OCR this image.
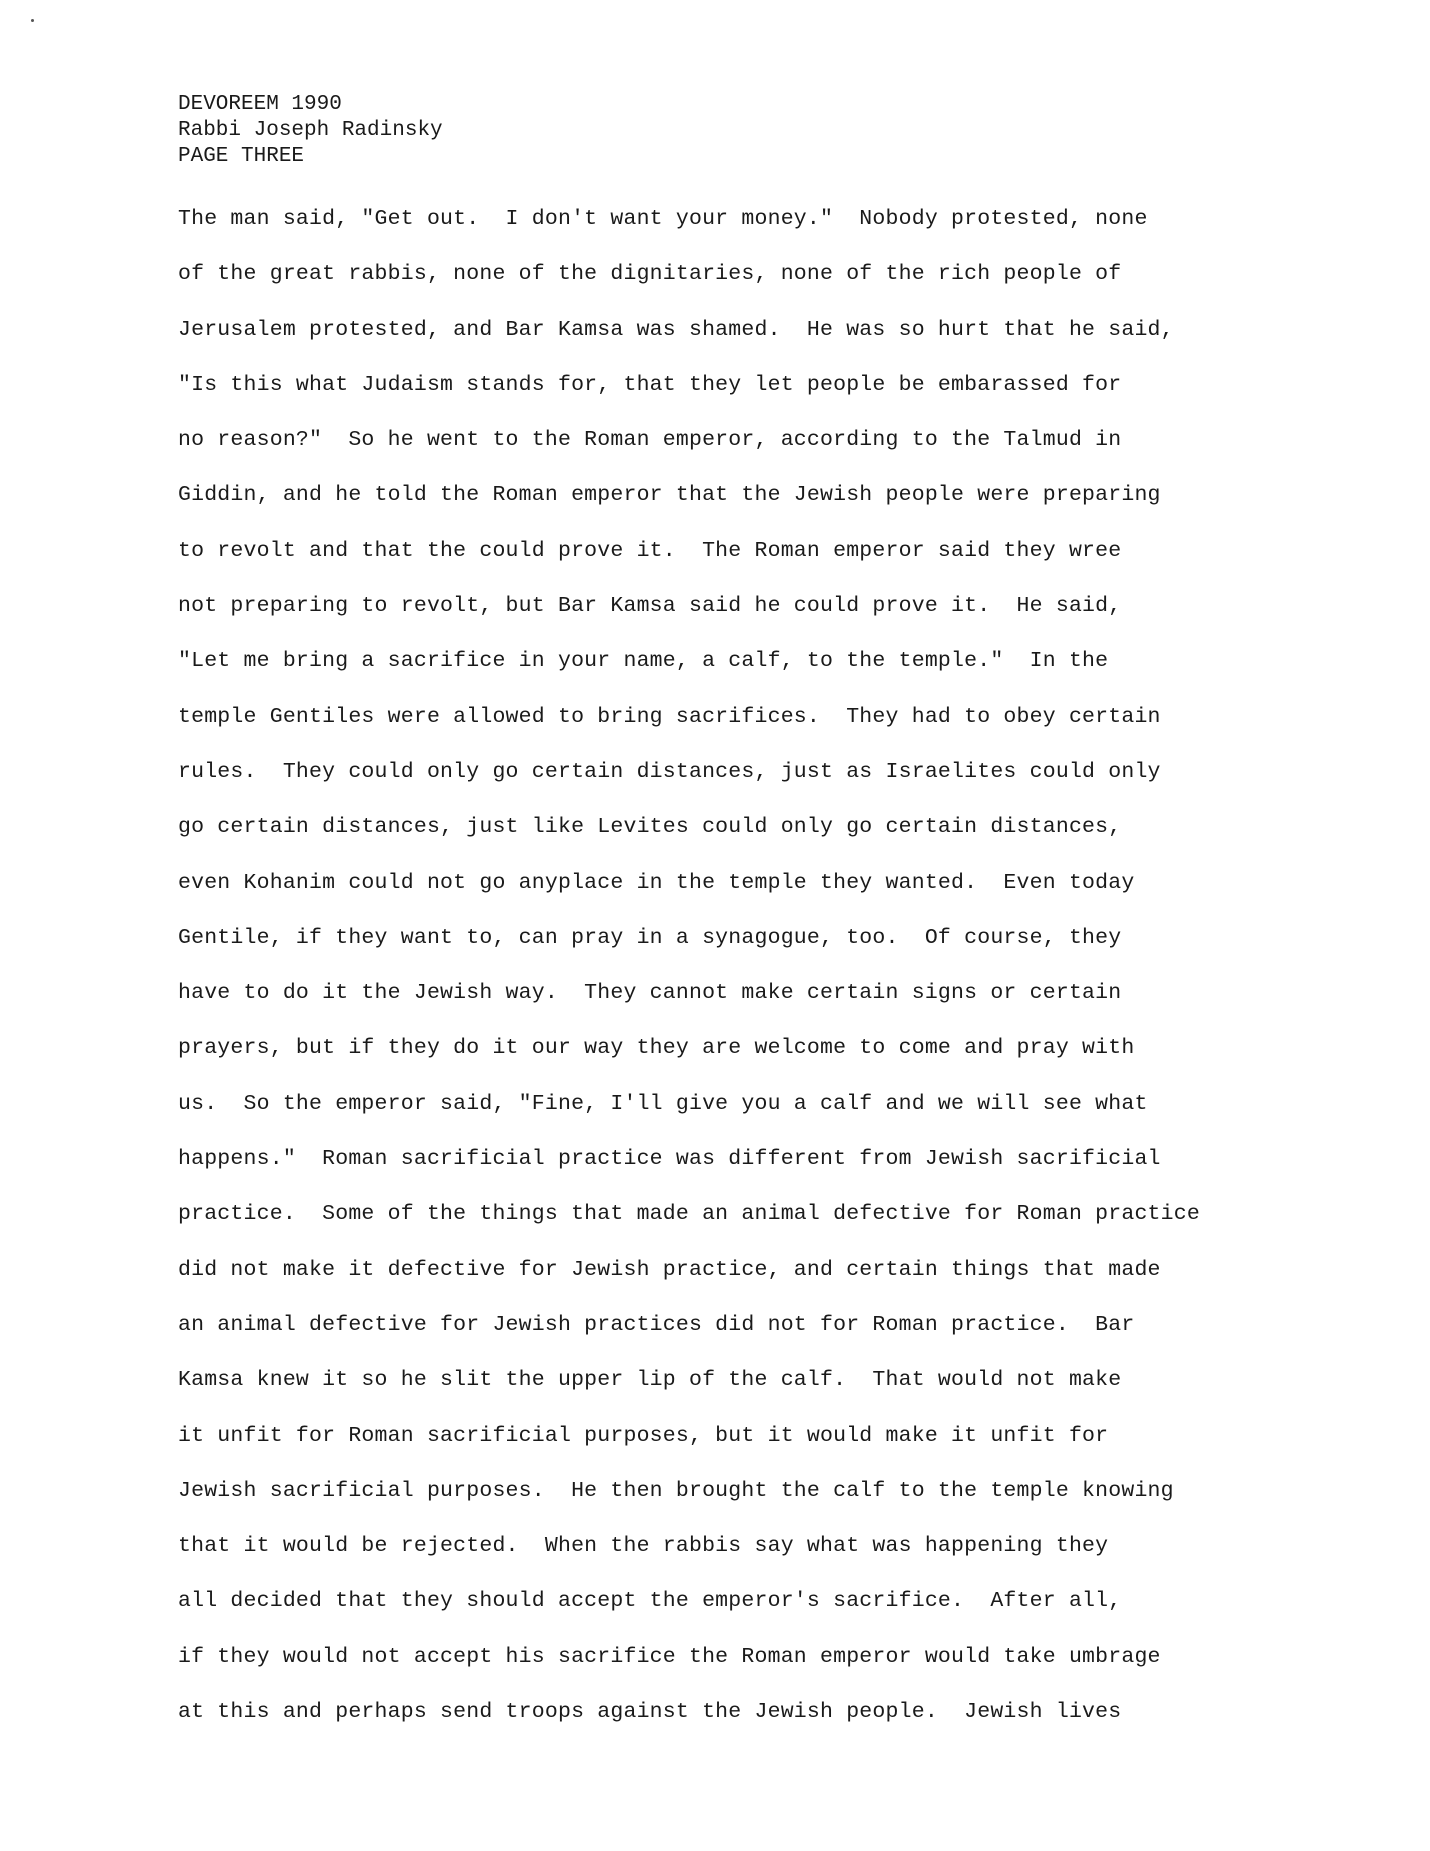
DEVOREEM 1990
Rabbi Joseph Radinsky
PAGE THREE
The man said, "Get out.  I don't want your money."  Nobody protested, none
of the great rabbis, none of the dignitaries, none of the rich people of
Jerusalem protested, and Bar Kamsa was shamed.  He was so hurt that he said,
"Is this what Judaism stands for, that they let people be embarassed for
no reason?"  So he went to the Roman emperor, according to the Talmud in
Giddin, and he told the Roman emperor that the Jewish people were preparing
to revolt and that the could prove it.  The Roman emperor said they wree
not preparing to revolt, but Bar Kamsa said he could prove it.  He said,
"Let me bring a sacrifice in your name, a calf, to the temple."  In the
temple Gentiles were allowed to bring sacrifices.  They had to obey certain
rules.  They could only go certain distances, just as Israelites could only
go certain distances, just like Levites could only go certain distances,
even Kohanim could not go anyplace in the temple they wanted.  Even today
Gentile, if they want to, can pray in a synagogue, too.  Of course, they
have to do it the Jewish way.  They cannot make certain signs or certain
prayers, but if they do it our way they are welcome to come and pray with
us.  So the emperor said, "Fine, I'll give you a calf and we will see what
happens."  Roman sacrificial practice was different from Jewish sacrificial
practice.  Some of the things that made an animal defective for Roman practice
did not make it defective for Jewish practice, and certain things that made
an animal defective for Jewish practices did not for Roman practice.  Bar
Kamsa knew it so he slit the upper lip of the calf.  That would not make
it unfit for Roman sacrificial purposes, but it would make it unfit for
Jewish sacrificial purposes.  He then brought the calf to the temple knowing
that it would be rejected.  When the rabbis say what was happening they
all decided that they should accept the emperor's sacrifice.  After all,
if they would not accept his sacrifice the Roman emperor would take umbrage
at this and perhaps send troops against the Jewish people.  Jewish lives
